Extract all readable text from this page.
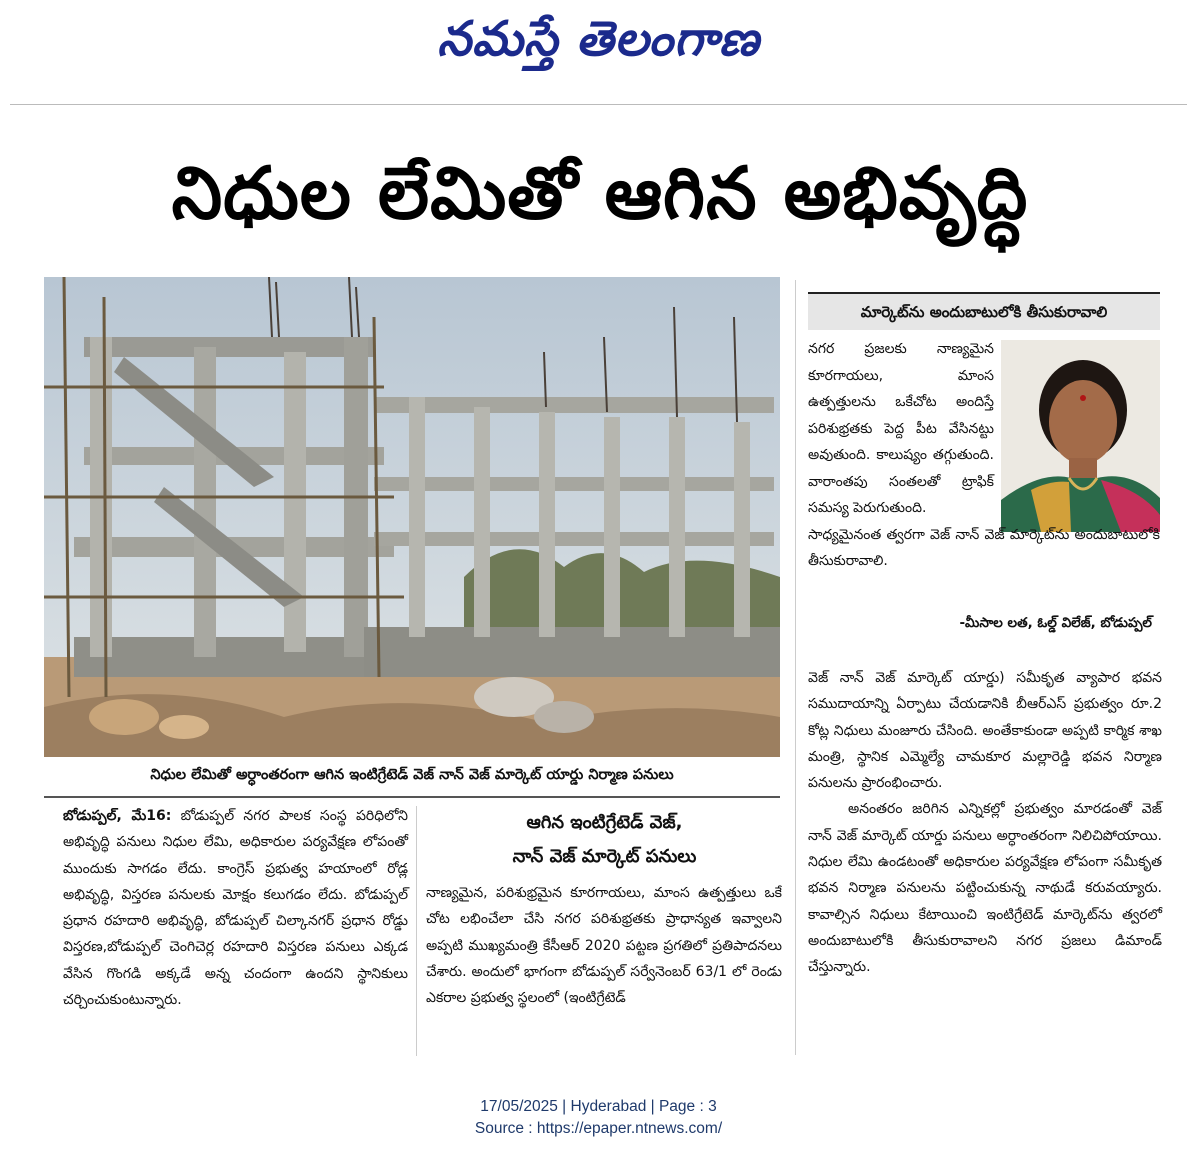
నమస్తే తెలంగాణ
నిధుల లేమితో ఆగిన అభివృద్ధి
నిధుల లేమితో అర్ధాంతరంగా ఆగిన ఇంటిగ్రేటెడ్ వెజ్ నాన్ వెజ్ మార్కెట్ యార్డు నిర్మాణ పనులు
మార్కెట్‌ను అందుబాటులోకి తీసుకురావాలి
నగర ప్రజలకు నాణ్యమైన కూరగాయలు, మాంస ఉత్పత్తులను ఒకేచోట అందిస్తే పరిశుభ్రతకు పెద్ద పీట వేసినట్టు అవుతుంది. కాలుష్యం తగ్గుతుంది. వారాంతపు సంతలతో ట్రాఫిక్ సమస్య పెరుగుతుంది.
సాధ్యమైనంత త్వరగా వెజ్ నాన్ వెజ్ మార్కెట్‌ను అందుబాటులోకి తీసుకురావాలి.
-మీసాల లత, ఓల్డ్ విలేజ్, బోడుప్పల్
బోడుప్పల్, మే16: బోడుప్పల్ నగర పాలక సంస్థ పరిధిలోని అభివృద్ధి పనులు నిధుల లేమి, అధికారుల పర్యవేక్షణ లోపంతో ముందుకు సాగడం లేదు. కాంగ్రెస్ ప్రభుత్వ హయాంలో రోడ్ల అభివృద్ధి, విస్తరణ పనులకు మోక్షం కలుగడం లేదు. బోడుప్పల్ ప్రధాన రహదారి అభివృద్ధి, బోడుప్పల్ చిల్కానగర్ ప్రధాన రోడ్డు విస్తరణ,బోడుప్పల్ చెంగిచెర్ల రహదారి విస్తరణ పనులు ఎక్కడ వేసిన గొంగడి అక్కడే అన్న చందంగా ఉందని స్థానికులు చర్చించుకుంటున్నారు.
ఆగిన ఇంటిగ్రేటెడ్ వెజ్,
నాన్ వెజ్ మార్కెట్ పనులు
నాణ్యమైన, పరిశుభ్రమైన కూరగాయలు, మాంస ఉత్పత్తులు ఒకే చోట లభించేలా చేసి నగర పరిశుభ్రతకు ప్రాధాన్యత ఇవ్వాలని అప్పటి ముఖ్యమంత్రి కేసీఆర్ 2020 పట్టణ ప్రగతిలో ప్రతిపాదనలు చేశారు. అందులో భాగంగా బోడుప్పల్ సర్వేనెంబర్ 63/1 లో రెండు ఎకరాల ప్రభుత్వ స్థలంలో (ఇంటిగ్రేటెడ్
వెజ్ నాన్ వెజ్ మార్కెట్ యార్డు) సమీకృత వ్యాపార భవన సముదాయాన్ని ఏర్పాటు చేయడానికి బీఆర్ఎస్ ప్రభుత్వం రూ.2 కోట్ల నిధులు మంజూరు చేసింది. అంతేకాకుండా అప్పటి కార్మిక శాఖ మంత్రి, స్థానిక ఎమ్మెల్యే చామకూర మల్లారెడ్డి భవన నిర్మాణ పనులను ప్రారంభించారు.
అనంతరం జరిగిన ఎన్నికల్లో ప్రభుత్వం మారడంతో వెజ్ నాన్ వెజ్ మార్కెట్ యార్డు పనులు అర్ధాంతరంగా నిలిచిపోయాయి. నిధుల లేమి ఉండటంతో అధికారుల పర్యవేక్షణ లోపంగా సమీకృత భవన నిర్మాణ పనులను పట్టించుకున్న నాథుడే కరువయ్యారు. కావాల్సిన నిధులు కేటాయించి ఇంటిగ్రేటెడ్ మార్కెట్‌ను త్వరలో అందుబాటులోకి తీసుకురావాలని నగర ప్రజలు డిమాండ్ చేస్తున్నారు.
17/05/2025 | Hyderabad | Page : 3
Source : https://epaper.ntnews.com/
